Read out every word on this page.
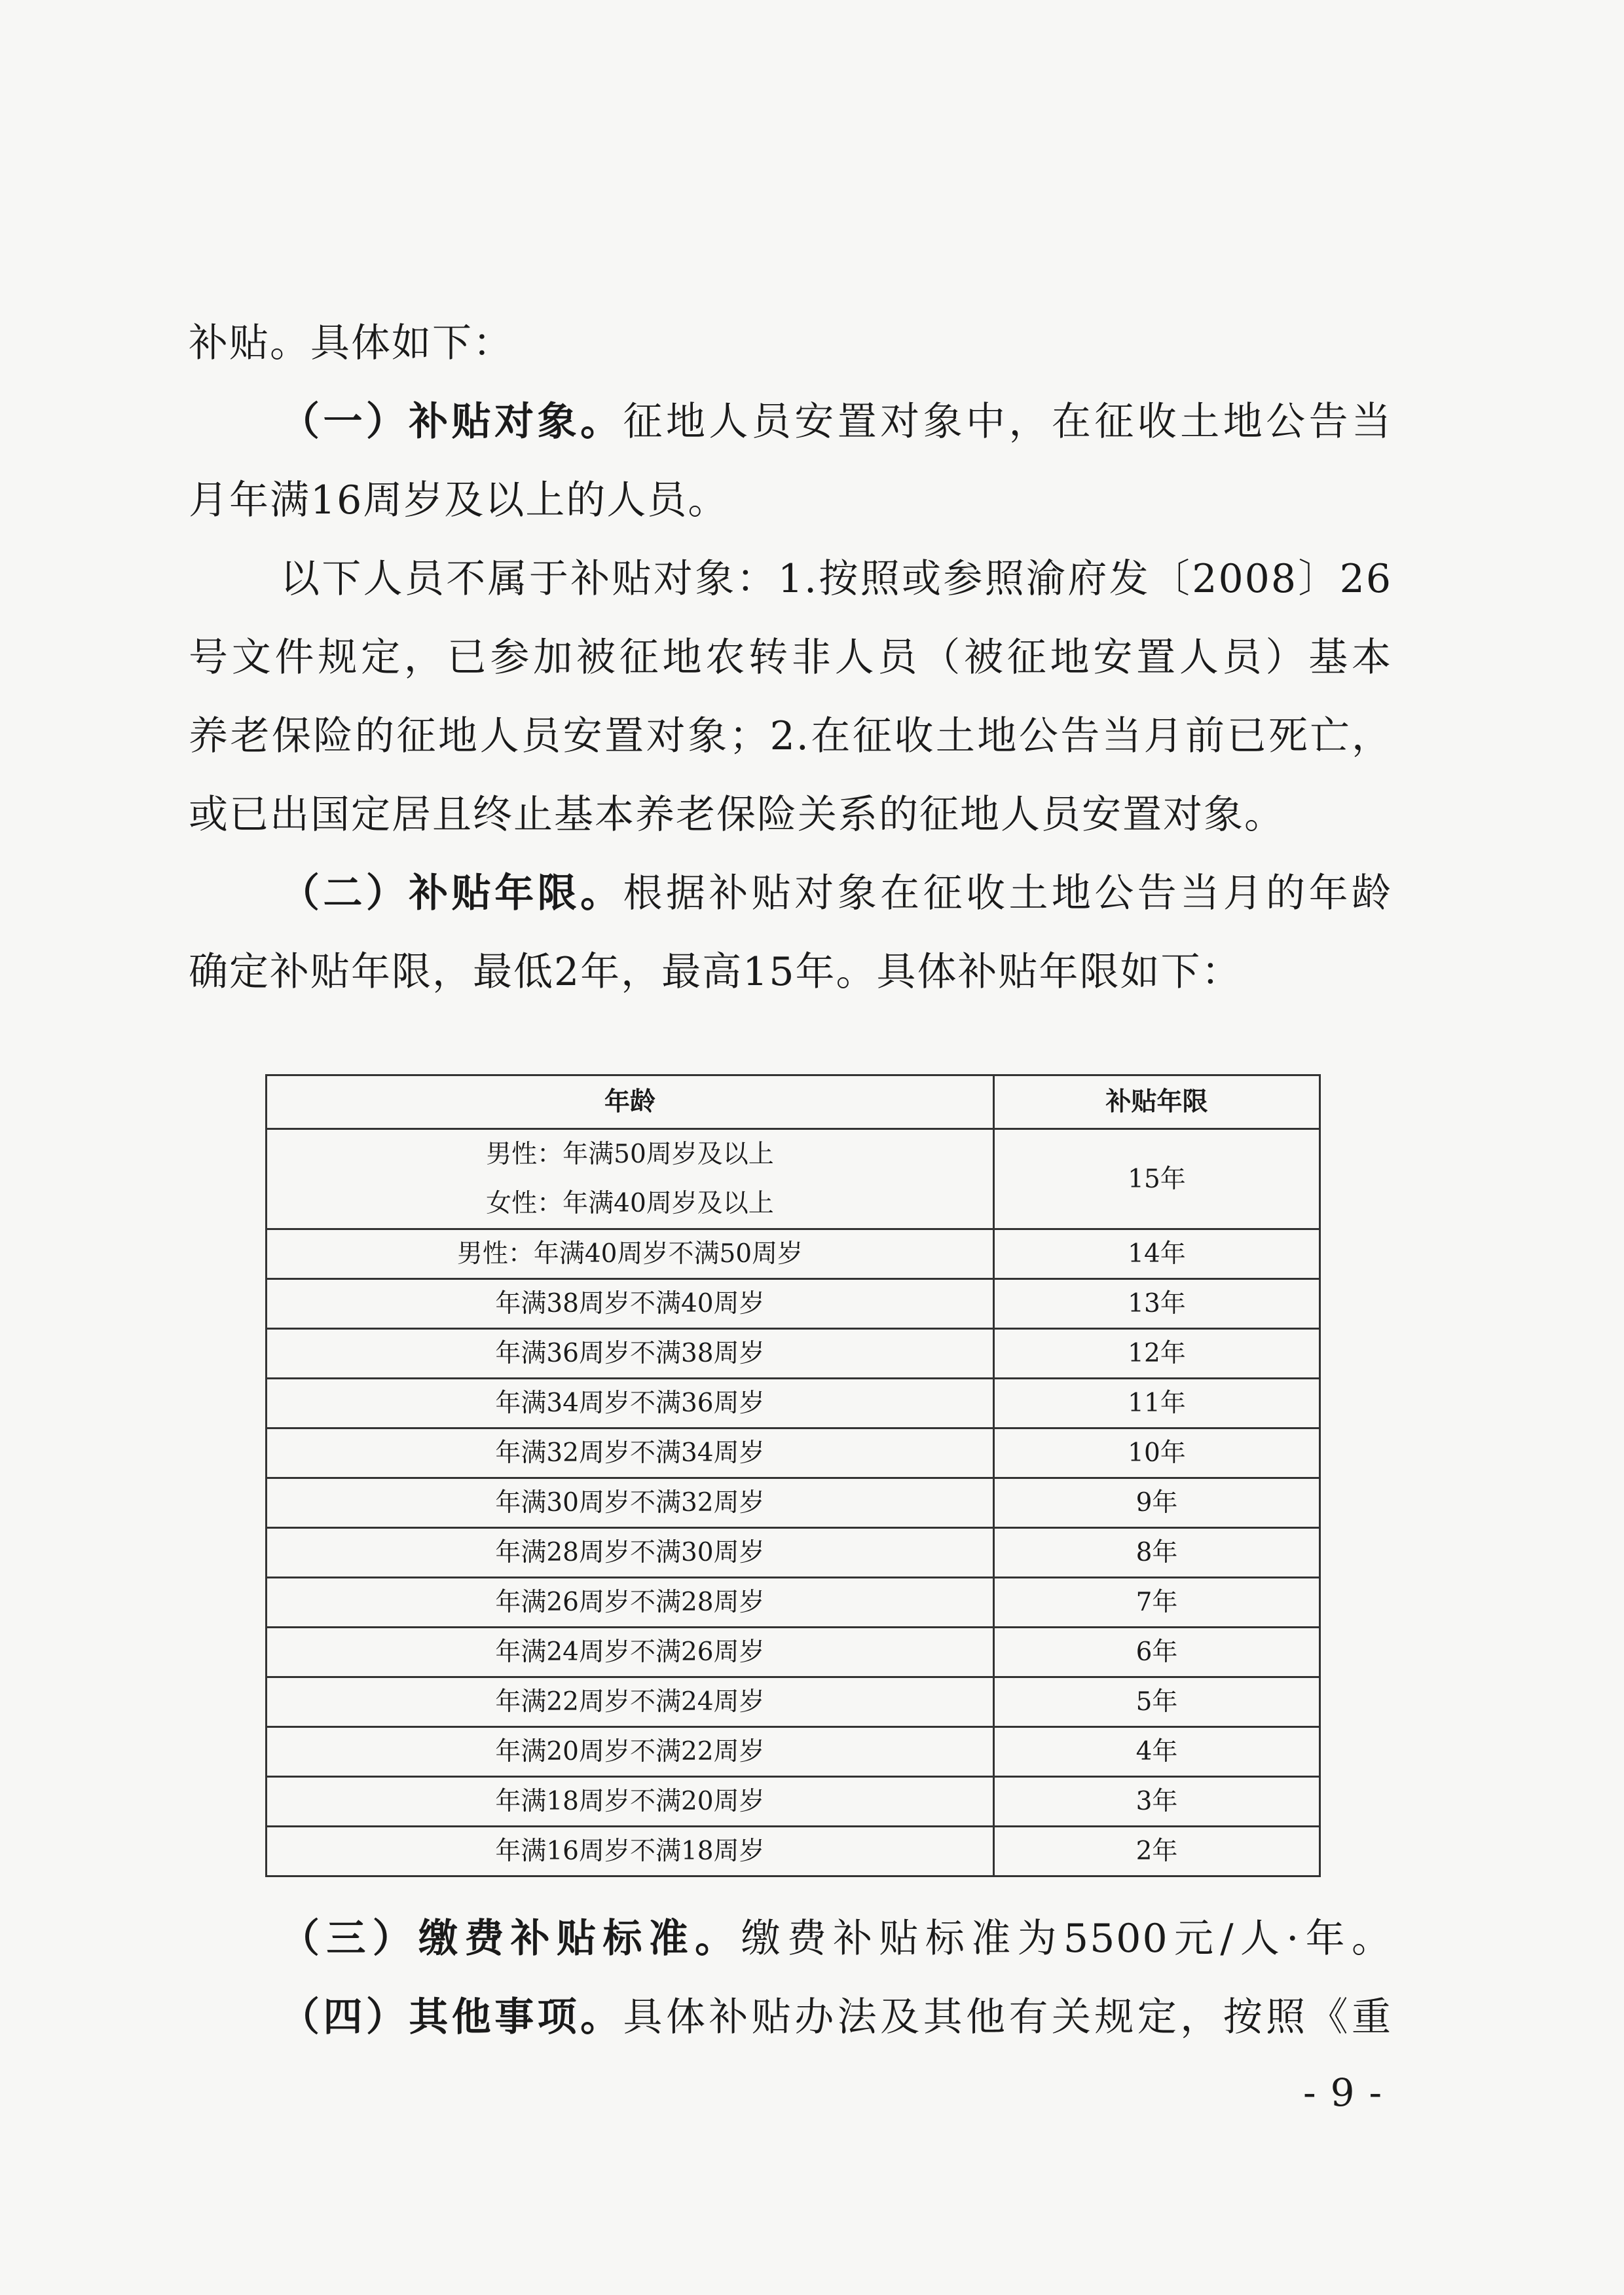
补贴。具体如下：
（一）补贴对象。征地人员安置对象中，在征收土地公告当
月年满16周岁及以上的人员。
以下人员不属于补贴对象：1.按照或参照渝府发〔2008〕26
号文件规定，已参加被征地农转非人员（被征地安置人员）基本
养老保险的征地人员安置对象；2.在征收土地公告当月前已死亡，
或已出国定居且终止基本养老保险关系的征地人员安置对象。
（二）补贴年限。根据补贴对象在征收土地公告当月的年龄
确定补贴年限，最低2年，最高15年。具体补贴年限如下：
年龄	补贴年限

男性：年满50周岁及以上
女性：年满40周岁及以上	15年
男性：年满40周岁不满50周岁	14年
年满38周岁不满40周岁	13年
年满36周岁不满38周岁	12年
年满34周岁不满36周岁	11年
年满32周岁不满34周岁	10年
年满30周岁不满32周岁	9年
年满28周岁不满30周岁	8年
年满26周岁不满28周岁	7年
年满24周岁不满26周岁	6年
年满22周岁不满24周岁	5年
年满20周岁不满22周岁	4年
年满18周岁不满20周岁	3年
年满16周岁不满18周岁	2年
（三）缴费补贴标准。缴费补贴标准为5500元/人·年。
（四）其他事项。具体补贴办法及其他有关规定，按照《重
-9-
